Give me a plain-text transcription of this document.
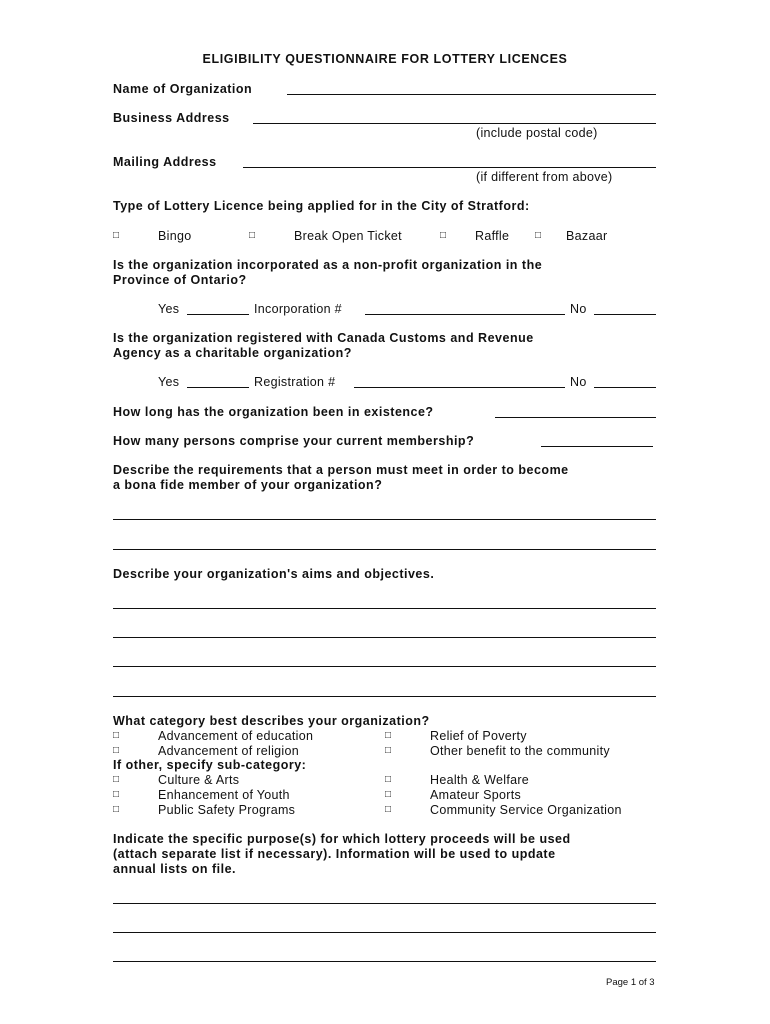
ELIGIBILITY QUESTIONNAIRE FOR LOTTERY LICENCES
Name of Organization
Business Address
(include postal code)
Mailing Address
(if different from above)
Type of Lottery Licence being applied for in the City of Stratford:
□	Bingo	□	Break Open Ticket	□ Raffle	□ Bazaar
Is the organization incorporated as a non-profit organization in the
Province of Ontario?
Yes	Incorporation #	No
Is the organization registered with Canada Customs and Revenue
Agency as a charitable organization?
Yes	Registration #	No
How long has the organization been in existence?
How many persons comprise your current membership?
Describe the requirements that a person must meet in order to become
a bona fide member of your organization?
Describe your organization's aims and objectives.
What category best describes your organization?
□	Advancement of education	□	Relief of Poverty
□	Advancement of religion	□	Other benefit to the community
If other, specify sub-category:
□	Culture & Arts	□	Health & Welfare
□	Enhancement of Youth	□	Amateur Sports
□	Public Safety Programs	□	Community Service Organization
Indicate the specific purpose(s) for which lottery proceeds will be used
(attach separate list if necessary). Information will be used to update
annual lists on file.
Page 1 of 3
